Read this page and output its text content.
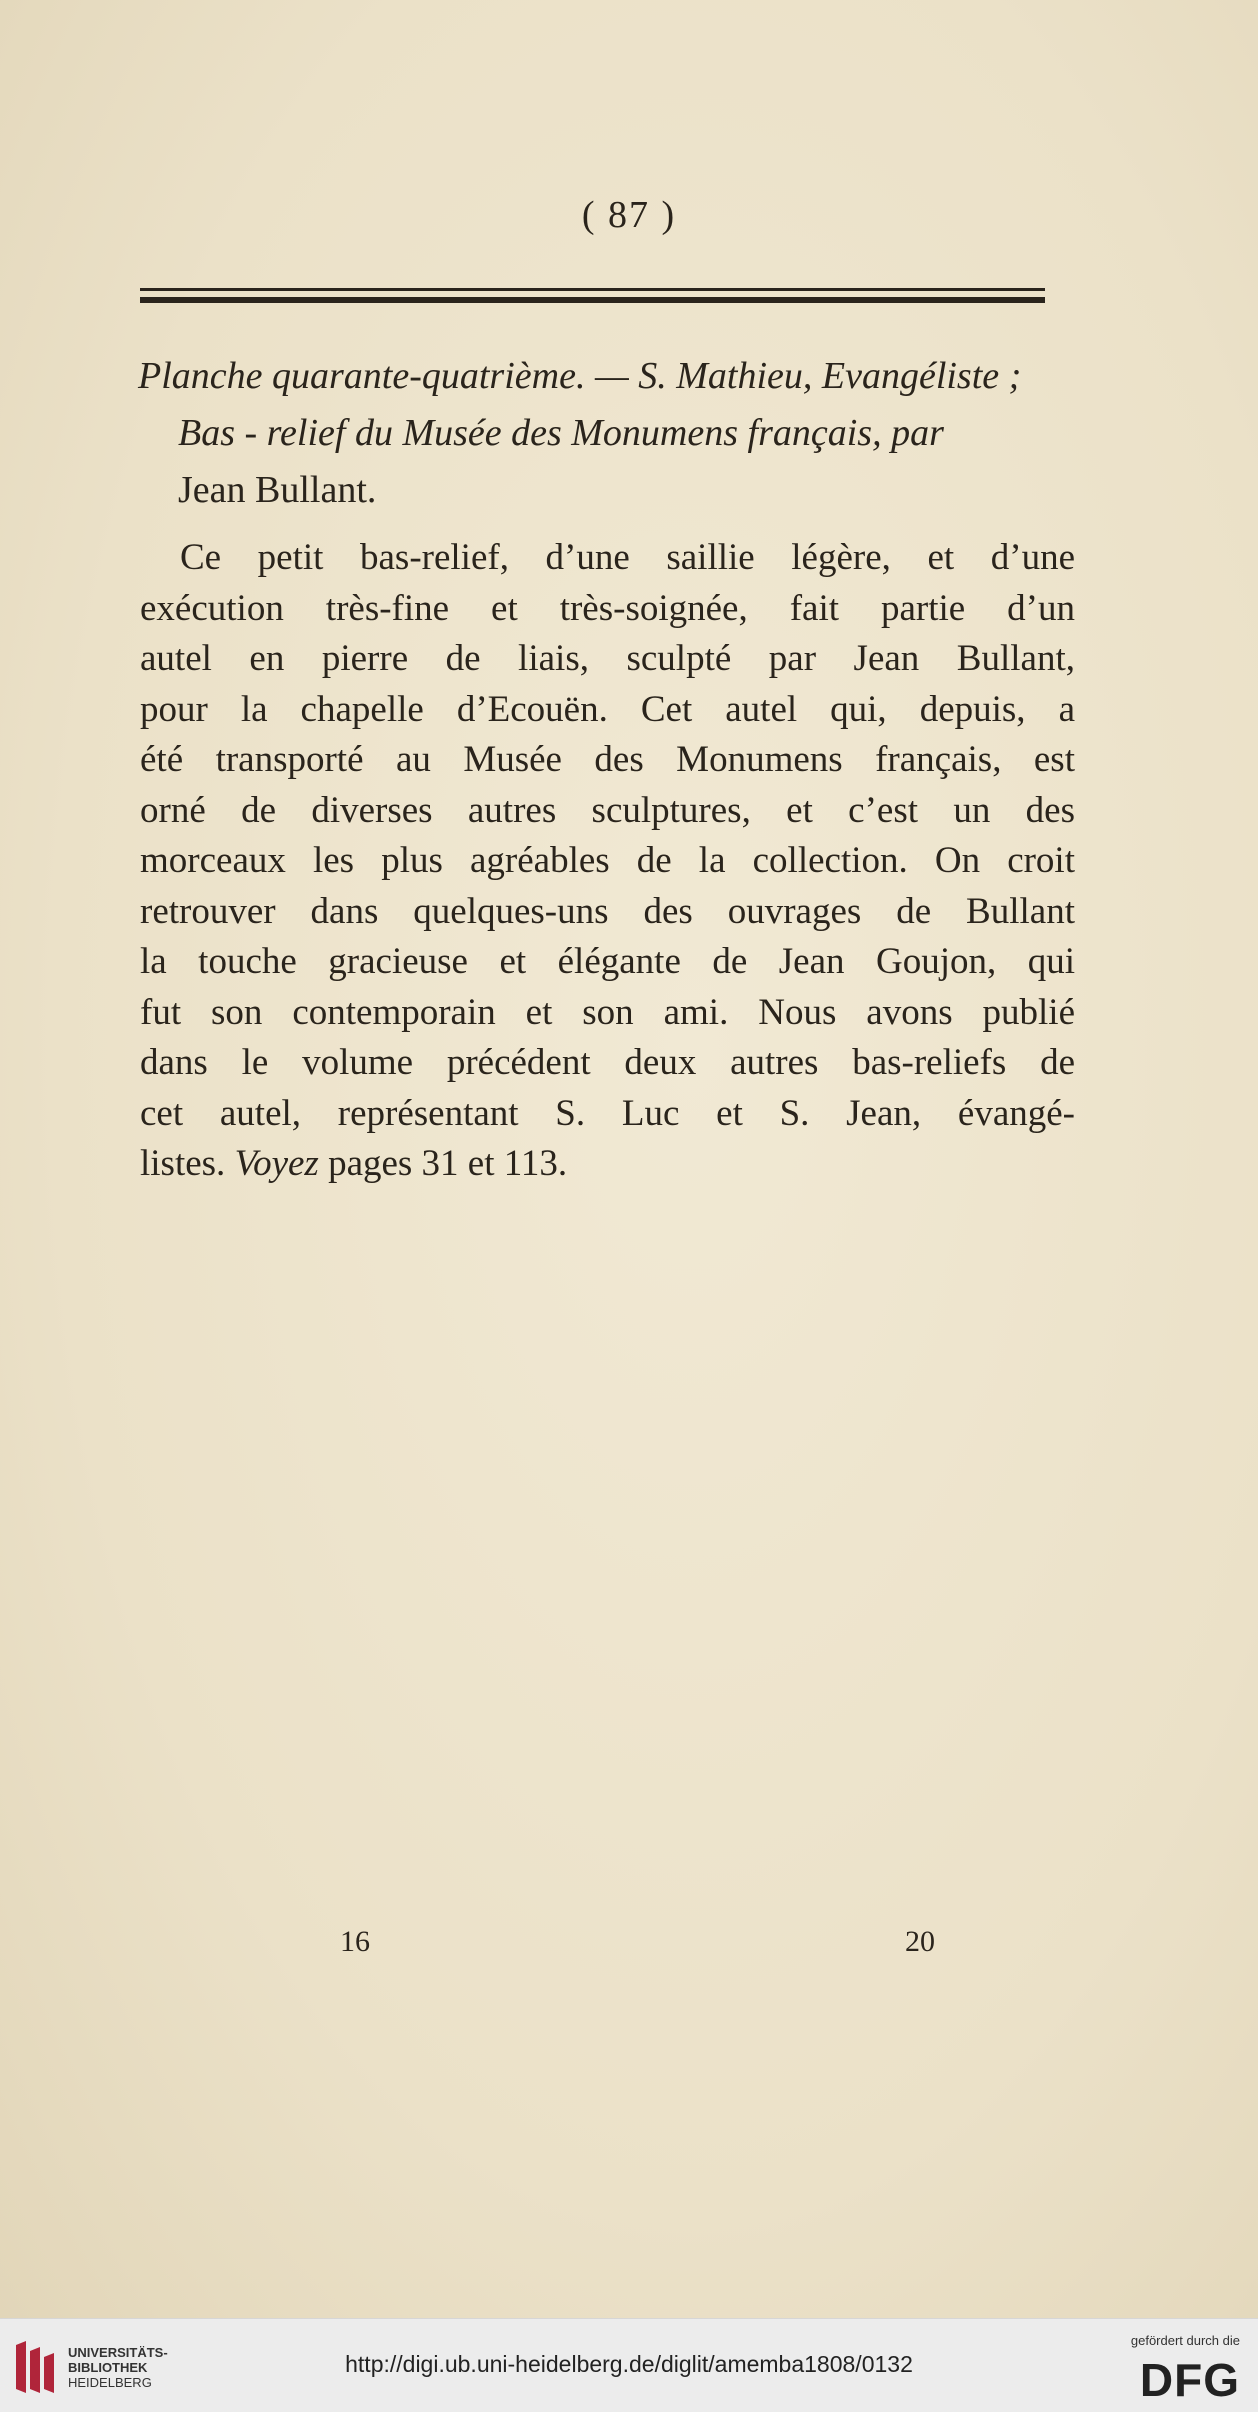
( 87 )
Planche quarante-quatrième. — S. Mathieu, Evangéliste ;
Bas - relief du Musée des Monumens français, par
Jean Bullant.
Ce petit bas-relief, d’une saillie légère, et d’une
exécution très-fine et très-soignée, fait partie d’un
autel en pierre de liais, sculpté par Jean Bullant,
pour la chapelle d’Ecouën. Cet autel qui, depuis, a
été transporté au Musée des Monumens français, est
orné de diverses autres sculptures, et c’est un des
morceaux les plus agréables de la collection. On croit
retrouver dans quelques-uns des ouvrages de Bullant
la touche gracieuse et élégante de Jean Goujon, qui
fut son contemporain et son ami. Nous avons publié
dans le volume précédent deux autres bas-reliefs de
cet autel, représentant S. Luc et S. Jean, évangé-
listes. Voyez pages 31 et 113.
16	20
UNIVERSITÄTS-
BIBLIOTHEK
HEIDELBERG
http://digi.ub.uni-heidelberg.de/diglit/amemba1808/0132
gefördert durch die
DFG
